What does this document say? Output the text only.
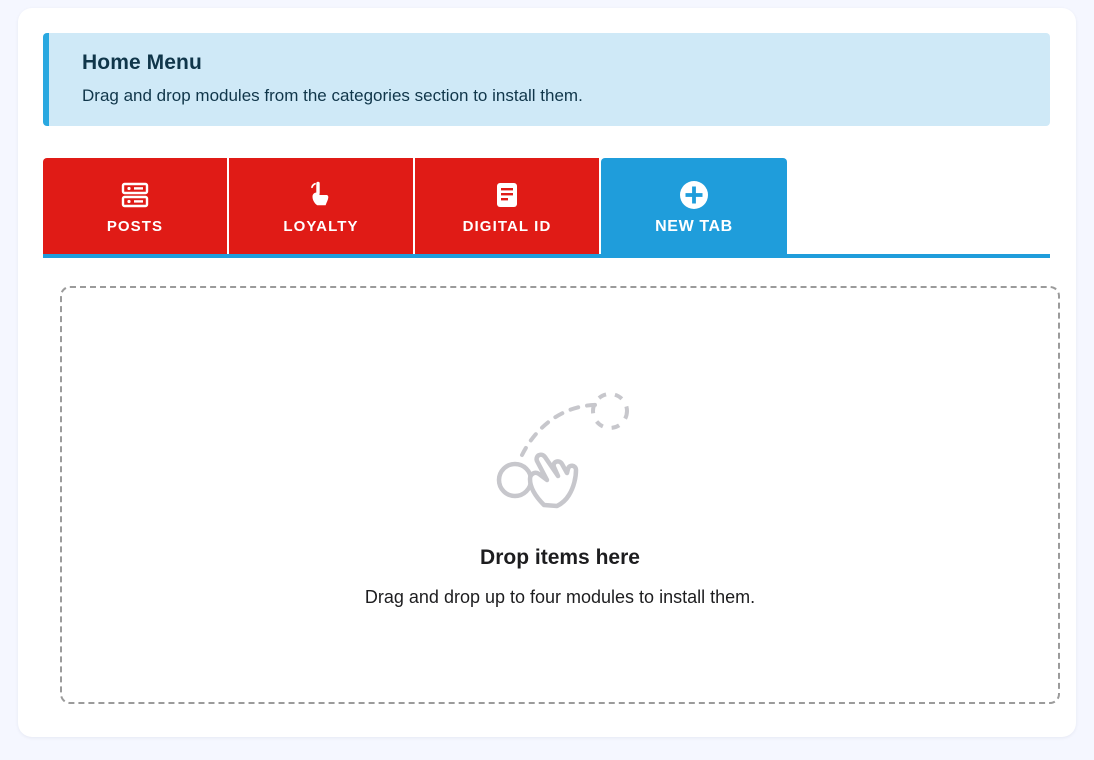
Home Menu
Drag and drop modules from the categories section to install them.
POSTS	LOYALTY	DIGITAL ID	NEW TAB
Drop items here
Drag and drop up to four modules to install them.
